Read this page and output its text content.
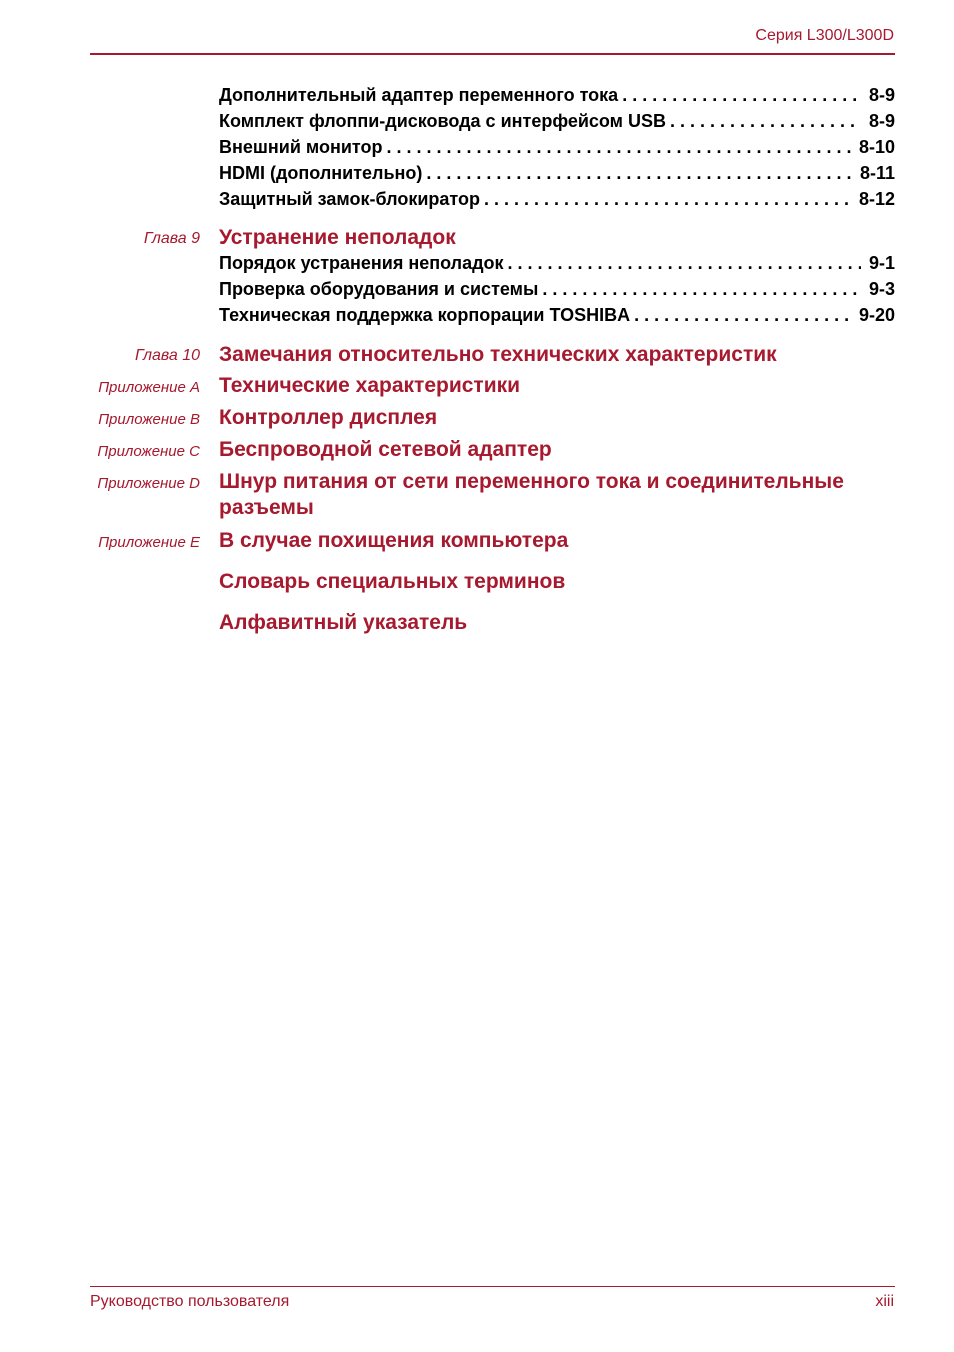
Серия L300/L300D
Дополнительный адаптер переменного тока . . .	8-9
Комплект флоппи-дисковода с интерфейсом USB . . .	8-9
Внешний монитор . . .	8-10
HDMI (дополнительно) . . .	8-11
Защитный замок-блокиратор . . .	8-12
Глава 9 Устранение неполадок
Порядок устранения неполадок . . .	9-1
Проверка оборудования и системы . . .	9-3
Техническая поддержка корпорации TOSHIBA . . .	9-20
Глава 10 Замечания относительно технических характеристик
Приложение A Технические характеристики
Приложение B Контроллер дисплея
Приложение C Беспроводной сетевой адаптер
Приложение D Шнур питания от сети переменного тока и соединительные разъемы
Приложение E В случае похищения компьютера
Словарь специальных терминов
Алфавитный указатель
Руководство пользователя	xiii
